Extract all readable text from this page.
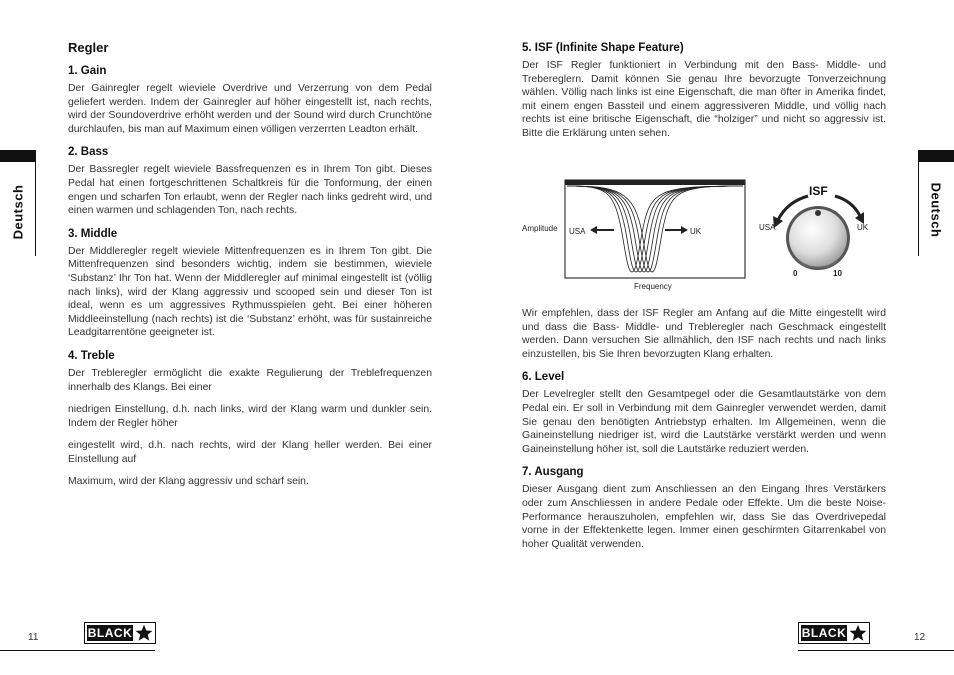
Deutsch	Deutsch
Regler
1. Gain

Der Gainregler regelt wieviele Overdrive und Verzerrung von dem Pedal geliefert werden. Indem der Gainregler auf höher eingestellt ist, nach rechts, wird der Soundoverdrive erhöht werden und der Sound wird durch Crunchtöne durchlaufen, bis man auf Maximum einen völligen verzerrten Leadton erhält.

2. Bass

Der Bassregler regelt wieviele Bassfrequenzen es in Ihrem Ton gibt. Dieses Pedal hat einen fortgeschrittenen Schaltkreis für die Tonformung, der einen engen und scharfen Ton erlaubt, wenn der Regler nach links gedreht wird, und einen warmen und schlagenden Ton, nach rechts.

3. Middle

Der Middleregler regelt wieviele Mittenfrequenzen es in Ihrem Ton gibt. Die Mittenfrequenzen sind besonders wichtig, indem sie bestimmen, wieviele ‘Substanz’ Ihr Ton hat. Wenn der Middleregler auf minimal eingestellt ist (völlig nach links), wird der Klang aggressiv und scooped sein und dieser Ton ist ideal, wenn es um aggressives Rythmusspielen geht. Bei einer höheren Middleeinstellung (nach rechts) ist die ‘Substanz’ erhöht, was für sustainreiche Leadgitarrentöne geeigneter ist.

4. Treble

Der Trebleregler ermöglicht die exakte Regulierung der Treblefrequenzen innerhalb des Klangs. Bei einer

niedrigen Einstellung, d.h. nach links, wird der Klang warm und dunkler sein. Indem der Regler höher

eingestellt wird, d.h. nach rechts, wird der Klang heller werden. Bei einer Einstellung auf

Maximum, wird der Klang aggressiv und scharf sein.

5. ISF (Infinite Shape Feature)

Der ISF Regler funktioniert in Verbindung mit den Bass- Middle- und Trebereglern. Damit können Sie genau Ihre bevorzugte Tonverzeichnung wählen. Völlig nach links ist eine Eigenschaft, die man öfter in Amerika findet, mit einem engen Bassteil und einem aggressiveren Middle, und völlig nach rechts ist eine britische Eigenschaft, die “holziger” und nicht so aggressiv ist. Bitte die Erklärung unten sehen.

Amplitude USA	UK
Frequency
ISF
USA	UK
0	10

Wir empfehlen, dass der ISF Regler am Anfang auf die Mitte eingestellt wird und dass die Bass- Middle- und Trebleregler nach Geschmack eingestellt werden. Dann versuchen Sie allmählich, den ISF nach rechts und nach links einzustellen, bis Sie Ihren bevorzugten Klang erhalten.

6. Level

Der Levelregler stellt den Gesamtpegel oder die Gesamtlautstärke von dem Pedal ein. Er soll in Verbindung mit dem Gainregler verwendet werden, damit Sie genau den benötigten Antriebstyp erhalten. Im Allgemeinen, wenn die Gaineinstellung niedriger ist, wird die Lautstärke verstärkt werden und wenn Gaineinstellung höher ist, soll die Lautstärke reduziert werden.

7. Ausgang

Dieser Ausgang dient zum Anschliessen an den Eingang Ihres Verstärkers oder zum Anschliessen in andere Pedale oder Effekte. Um die beste Noise-Performance herauszuholen, empfehlen wir, dass Sie das Overdrivepedal vorne in der Effektenkette legen. Immer einen geschirmten Gitarrenkabel von hoher Qualität verwenden.

11	BLACK	12
BLACK
